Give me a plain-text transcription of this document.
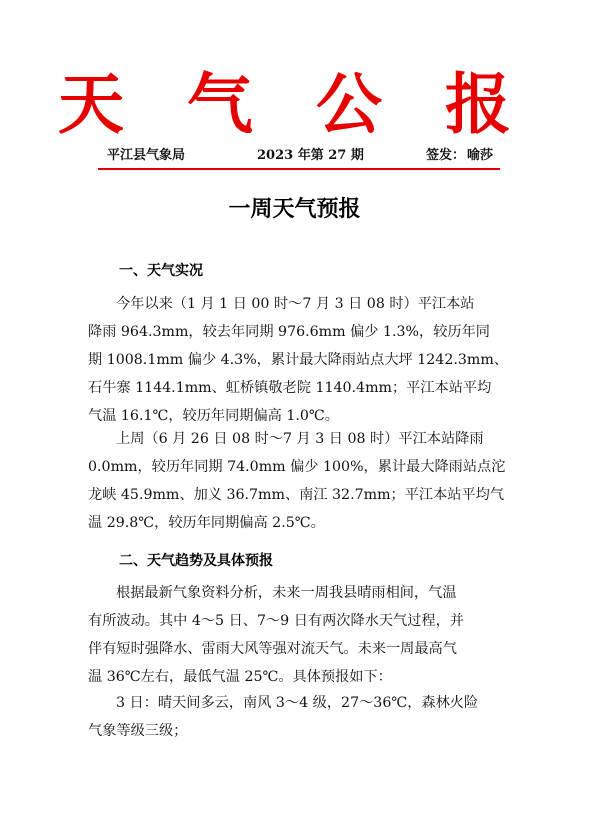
天 气 公 报
平江县气象局	2023 年第 27 期	签发： 喻莎
一周天气预报
一、天气实况
今年以来（1 月 1 日 00 时～7 月 3 日 08 时）平江本站
降雨 964.3mm，较去年同期 976.6mm 偏少 1.3%，较历年同
期 1008.1mm 偏少 4.3%，累计最大降雨站点大坪 1242.3mm、
石牛寨 1144.1mm、虹桥镇敬老院 1140.4mm；平江本站平均
气温 16.1℃，较历年同期偏高 1.0℃。
上周（6 月 26 日 08 时～7 月 3 日 08 时）平江本站降雨
0.0mm，较历年同期 74.0mm 偏少 100%，累计最大降雨站点沱
龙峡 45.9mm、加义 36.7mm、南江 32.7mm；平江本站平均气
温 29.8℃，较历年同期偏高 2.5℃。
二、天气趋势及具体预报
根据最新气象资料分析，未来一周我县晴雨相间，气温
有所波动。其中 4～5 日、7～9 日有两次降水天气过程，并
伴有短时强降水、雷雨大风等强对流天气。未来一周最高气
温 36℃左右，最低气温 25℃。具体预报如下：
3 日：晴天间多云，南风 3～4 级，27～36℃，森林火险
气象等级三级；
